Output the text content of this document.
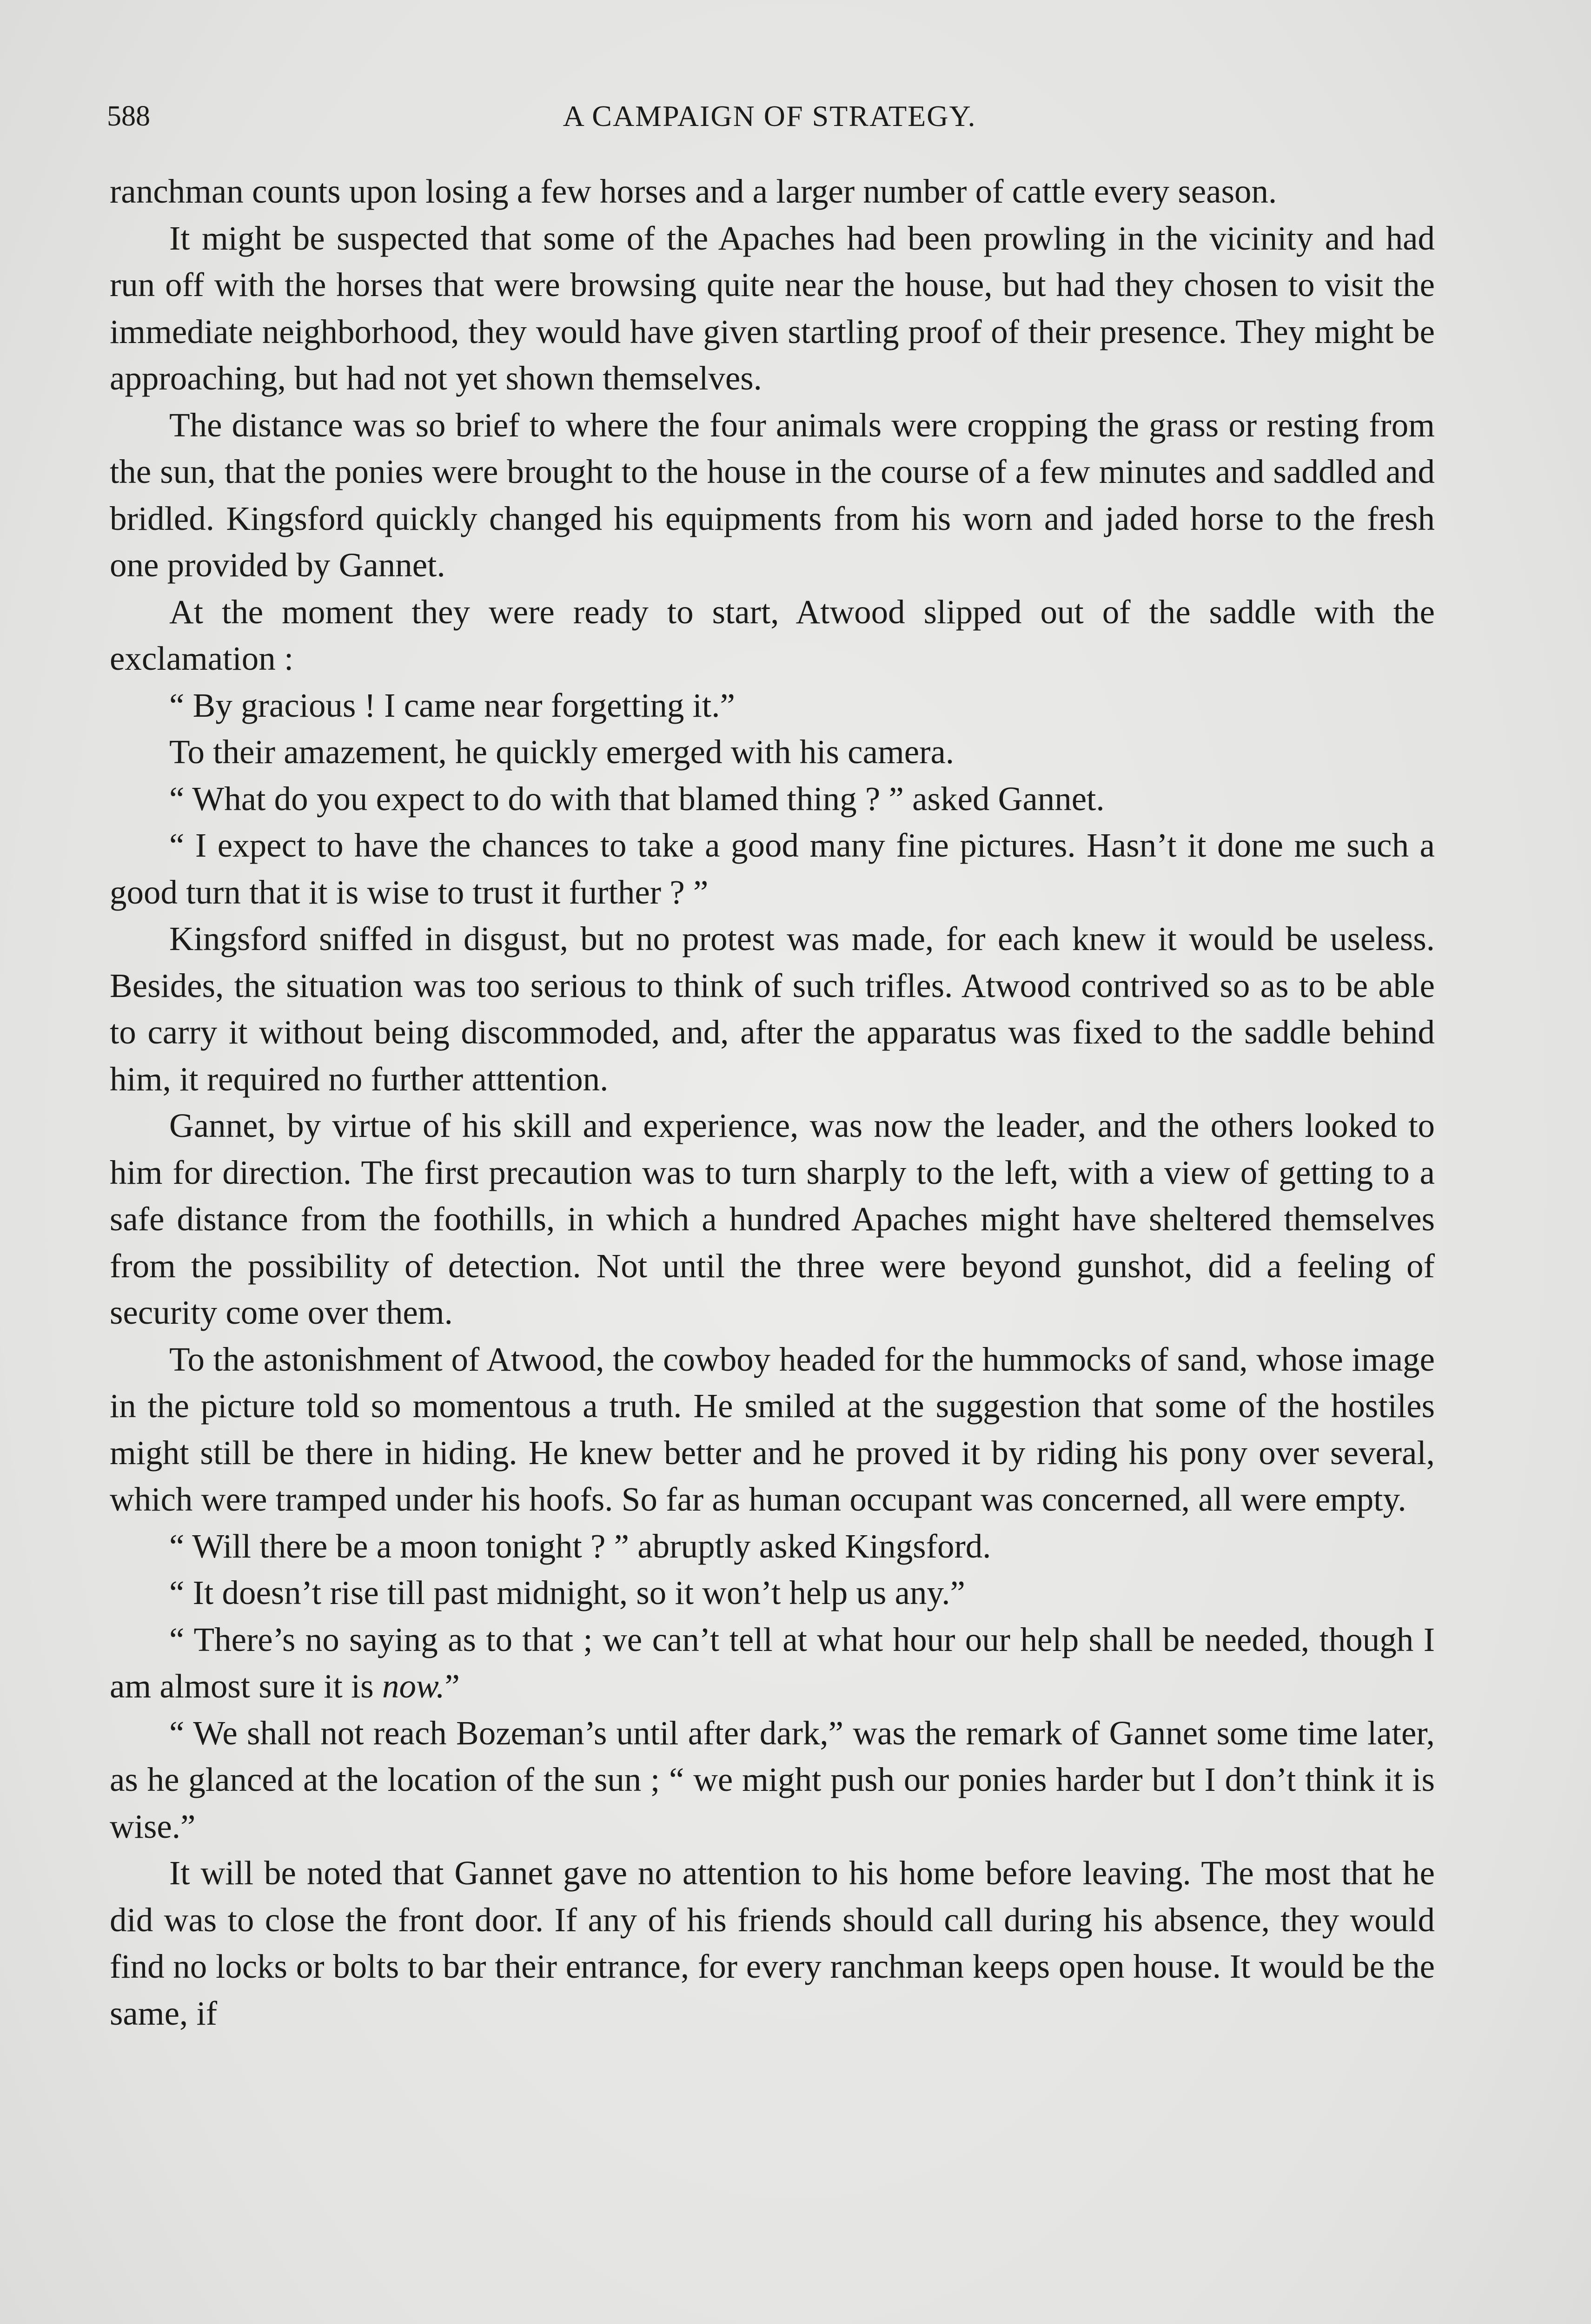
588	A CAMPAIGN OF STRATEGY.

ranchman counts upon losing a few horses and a larger number of cattle every season.

It might be suspected that some of the Apaches had been prowling in the vicinity and had run off with the horses that were browsing quite near the house, but had they chosen to visit the immediate neighborhood, they would have given startling proof of their presence. They might be approaching, but had not yet shown themselves.

The distance was so brief to where the four animals were cropping the grass or resting from the sun, that the ponies were brought to the house in the course of a few minutes and saddled and bridled. Kingsford quickly changed his equipments from his worn and jaded horse to the fresh one provided by Gannet.

At the moment they were ready to start, Atwood slipped out of the saddle with the exclamation :

“ By gracious ! I came near forgetting it.”

To their amazement, he quickly emerged with his camera.

“ What do you expect to do with that blamed thing ? ” asked Gannet.

“ I expect to have the chances to take a good many fine pictures. Hasn’t it done me such a good turn that it is wise to trust it further ? ”

Kingsford sniffed in disgust, but no protest was made, for each knew it would be useless. Besides, the situation was too serious to think of such trifles. Atwood contrived so as to be able to carry it without being discommoded, and, after the apparatus was fixed to the saddle behind him, it required no further atttention.

Gannet, by virtue of his skill and experience, was now the leader, and the others looked to him for direction. The first precaution was to turn sharply to the left, with a view of getting to a safe distance from the foothills, in which a hundred Apaches might have sheltered themselves from the possibility of detection. Not until the three were beyond gunshot, did a feeling of security come over them.

To the astonishment of Atwood, the cowboy headed for the hummocks of sand, whose image in the picture told so momentous a truth. He smiled at the suggestion that some of the hostiles might still be there in hiding. He knew better and he proved it by riding his pony over several, which were tramped under his hoofs. So far as human occupant was concerned, all were empty.

“ Will there be a moon tonight ? ” abruptly asked Kingsford.

“ It doesn’t rise till past midnight, so it won’t help us any.”

“ There’s no saying as to that ; we can’t tell at what hour our help shall be needed, though I am almost sure it is now.”

“ We shall not reach Bozeman’s until after dark,” was the remark of Gannet some time later, as he glanced at the location of the sun ; “ we might push our ponies harder but I don’t think it is wise.”

It will be noted that Gannet gave no attention to his home before leaving. The most that he did was to close the front door. If any of his friends should call during his absence, they would find no locks or bolts to bar their entrance, for every ranchman keeps open house. It would be the same, if
